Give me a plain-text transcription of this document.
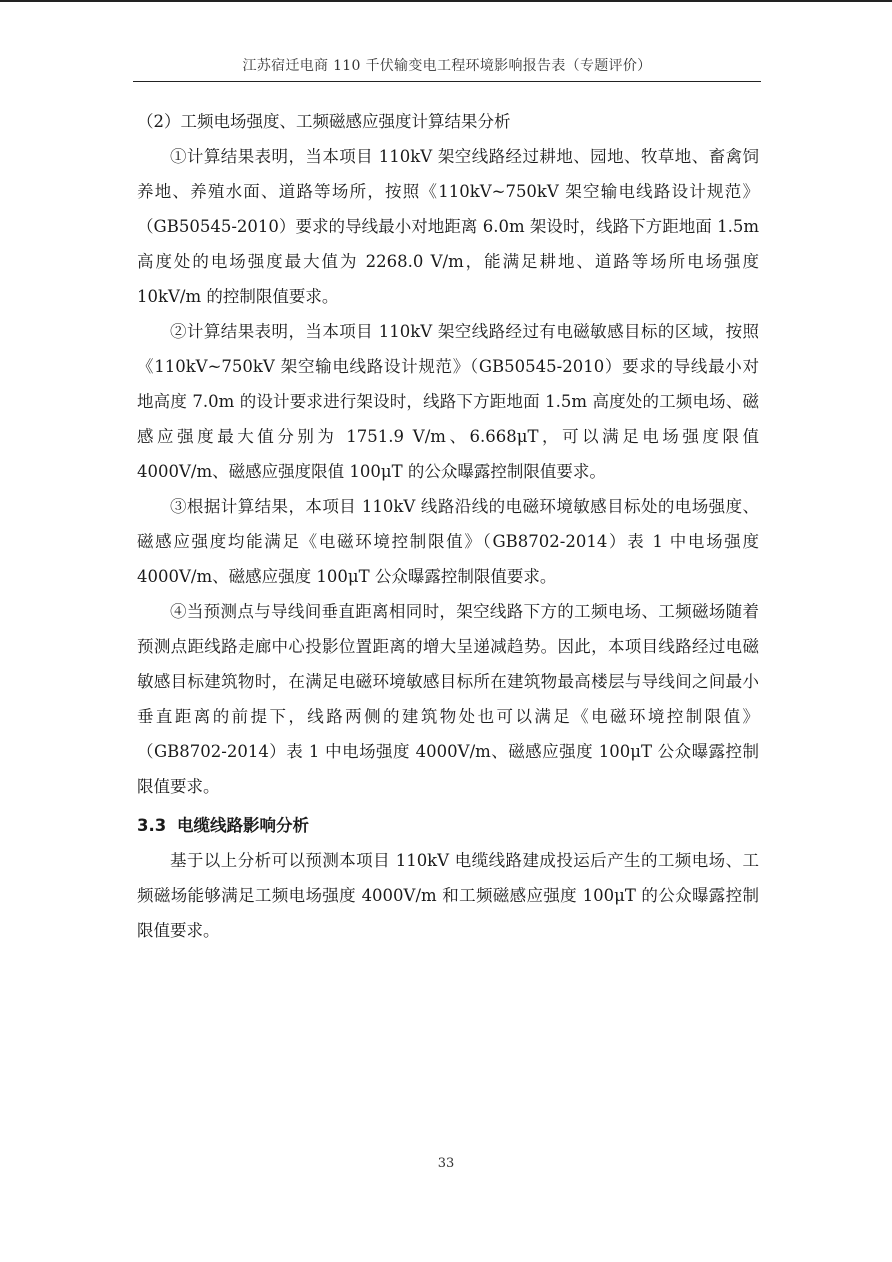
江苏宿迁电商 110 千伏输变电工程环境影响报告表（专题评价）

（2）工频电场强度、工频磁感应强度计算结果分析

①计算结果表明，当本项目 110kV 架空线路经过耕地、园地、牧草地、畜禽饲养地、养殖水面、道路等场所，按照《110kV~750kV 架空输电线路设计规范》（GB50545-2010）要求的导线最小对地距离 6.0m 架设时，线路下方距地面 1.5m 高度处的电场强度最大值为 2268.0 V/m，能满足耕地、道路等场所电场强度 10kV/m 的控制限值要求。

②计算结果表明，当本项目 110kV 架空线路经过有电磁敏感目标的区域，按照《110kV~750kV 架空输电线路设计规范》（GB50545-2010）要求的导线最小对地高度 7.0m 的设计要求进行架设时，线路下方距地面 1.5m 高度处的工频电场、磁感应强度最大值分别为 1751.9 V/m、6.668μT，可以满足电场强度限值 4000V/m、磁感应强度限值 100μT 的公众曝露控制限值要求。

③根据计算结果，本项目 110kV 线路沿线的电磁环境敏感目标处的电场强度、磁感应强度均能满足《电磁环境控制限值》（GB8702-2014）表 1 中电场强度 4000V/m、磁感应强度 100μT 公众曝露控制限值要求。

④当预测点与导线间垂直距离相同时，架空线路下方的工频电场、工频磁场随着预测点距线路走廊中心投影位置距离的增大呈递减趋势。因此，本项目线路经过电磁敏感目标建筑物时，在满足电磁环境敏感目标所在建筑物最高楼层与导线间之间最小垂直距离的前提下，线路两侧的建筑物处也可以满足《电磁环境控制限值》（GB8702-2014）表 1 中电场强度 4000V/m、磁感应强度 100μT 公众曝露控制限值要求。

3.3 电缆线路影响分析

基于以上分析可以预测本项目 110kV 电缆线路建成投运后产生的工频电场、工频磁场能够满足工频电场强度 4000V/m 和工频磁感应强度 100μT 的公众曝露控制限值要求。

33
